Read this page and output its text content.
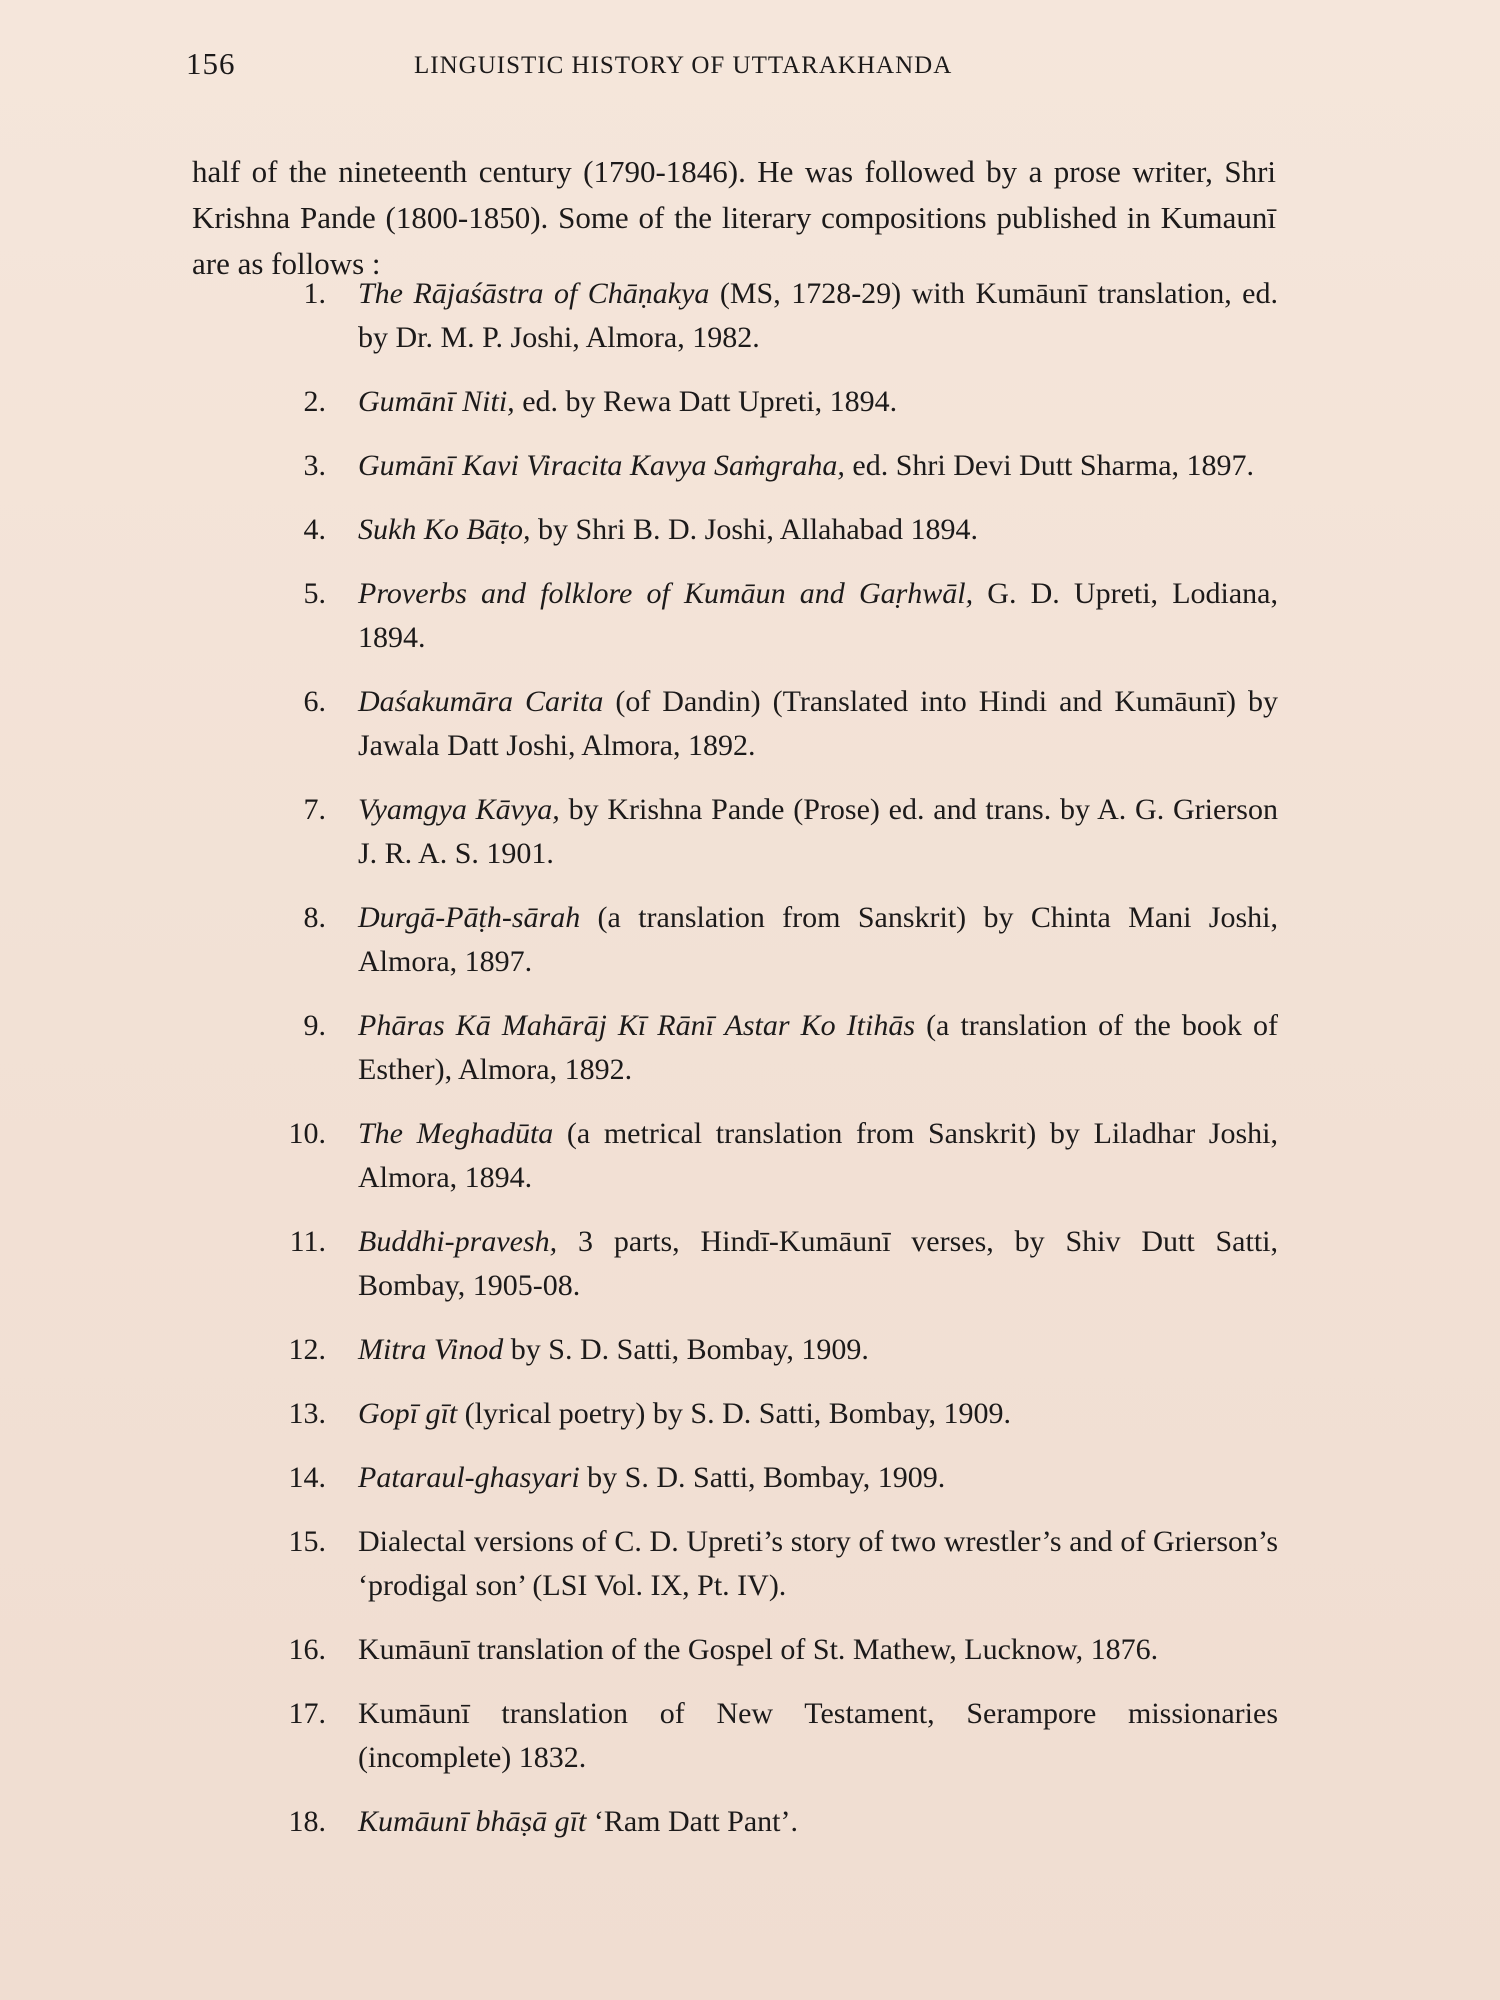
156	LINGUISTIC HISTORY OF UTTARAKHANDA

half of the nineteenth century (1790-1846). He was followed by a prose writer, Shri Krishna Pande (1800-1850). Some of the literary compositions published in Kumaunī are as follows :

1. The Rājaśāstra of Chāṇakya (MS, 1728-29) with Kumāunī translation, ed. by Dr. M. P. Joshi, Almora, 1982.
2. Gumānī Niti, ed. by Rewa Datt Upreti, 1894.
3. Gumānī Kavi Viracita Kavya Saṁgraha, ed. Shri Devi Dutt Sharma, 1897.
4. Sukh Ko Bāṭo, by Shri B. D. Joshi, Allahabad 1894.
5. Proverbs and folklore of Kumāun and Gaṛhwāl, G. D. Upreti, Lodiana, 1894.
6. Daśakumāra Carita (of Dandin) (Translated into Hindi and Kumāunī) by Jawala Datt Joshi, Almora, 1892.
7. Vyamgya Kāvya, by Krishna Pande (Prose) ed. and trans. by A. G. Grierson J. R. A. S. 1901.
8. Durgā-Pāṭh-sārah (a translation from Sanskrit) by Chinta Mani Joshi, Almora, 1897.
9. Phāras Kā Mahārāj Kī Rānī Astar Ko Itihās (a translation of the book of Esther), Almora, 1892.
10. The Meghadūta (a metrical translation from Sanskrit) by Liladhar Joshi, Almora, 1894.
11. Buddhi-pravesh, 3 parts, Hindī-Kumāunī verses, by Shiv Dutt Satti, Bombay, 1905-08.
12. Mitra Vinod by S. D. Satti, Bombay, 1909.
13. Gopī gīt (lyrical poetry) by S. D. Satti, Bombay, 1909.
14. Pataraul-ghasyari by S. D. Satti, Bombay, 1909.
15. Dialectal versions of C. D. Upreti’s story of two wrestler’s and of Grierson’s ‘prodigal son’ (LSI Vol. IX, Pt. IV).
16. Kumāunī translation of the Gospel of St. Mathew, Lucknow, 1876.
17. Kumāunī translation of New Testament, Serampore missionaries (incomplete) 1832.
18. Kumāunī bhāṣā gīt ‘Ram Datt Pant’.
